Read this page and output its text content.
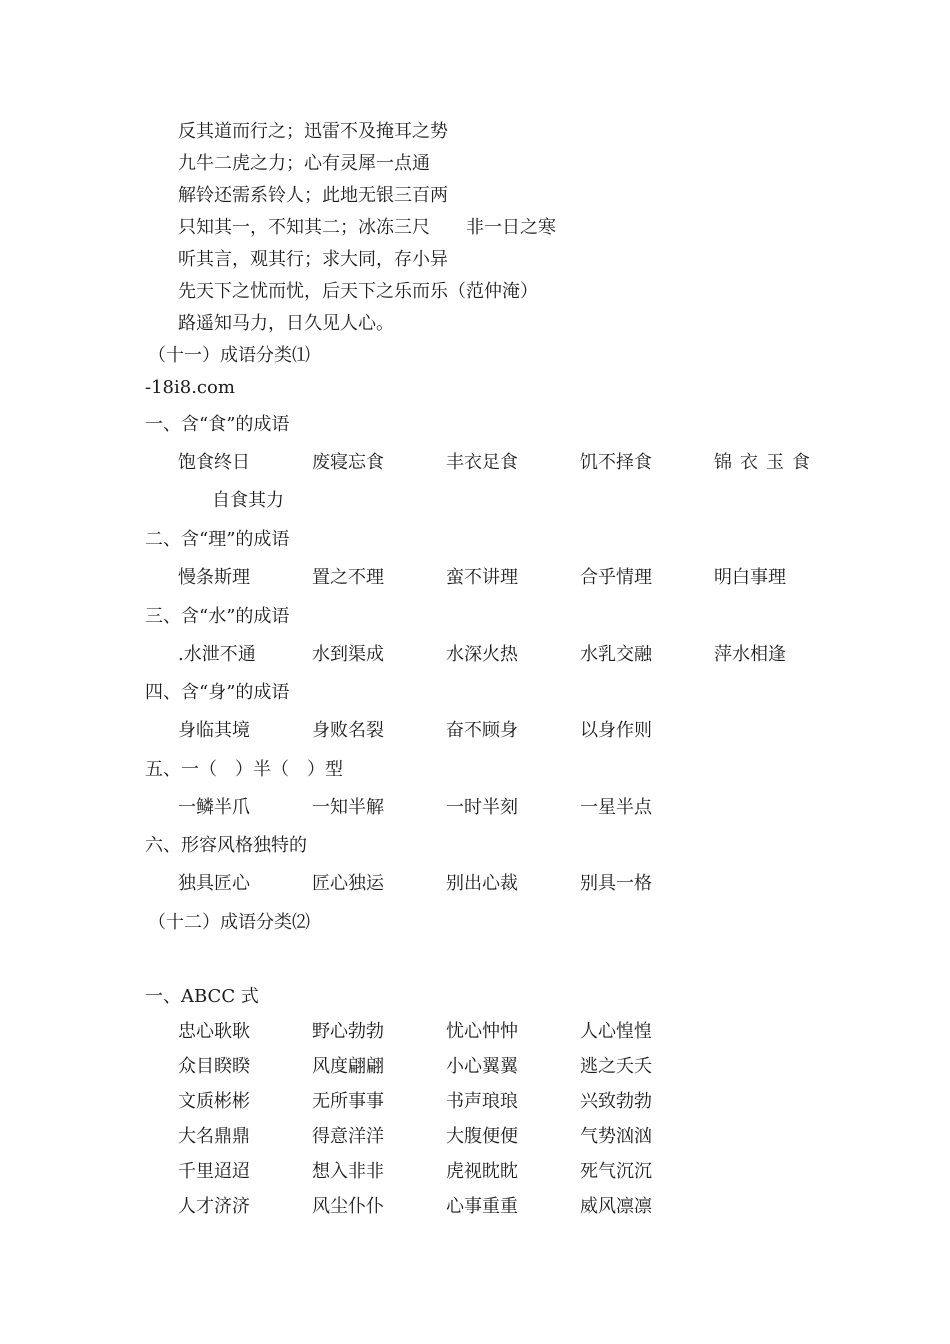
反其道而行之；迅雷不及掩耳之势
九牛二虎之力；心有灵犀一点通
解铃还需系铃人；此地无银三百两
只知其一，不知其二；冰冻三尺　　非一日之寒
听其言，观其行；求大同，存小异
先天下之忧而忧，后天下之乐而乐（范仲淹）
路遥知马力，日久见人心。
（十一）成语分类⑴
-18i8.com
一、含“食”的成语
饱食终日	废寝忘食	丰衣足食	饥不择食	锦衣玉食
自食其力
二、含“理”的成语
慢条斯理	置之不理	蛮不讲理	合乎情理	明白事理
三、含“水”的成语
.水泄不通	水到渠成	水深火热	水乳交融	萍水相逢
四、含“身”的成语
身临其境	身败名裂	奋不顾身	以身作则
五、一（　）半（　）型
一鳞半爪	一知半解	一时半刻	一星半点
六、形容风格独特的
独具匠心	匠心独运	别出心裁	别具一格
（十二）成语分类⑵
一、ABCC 式
忠心耿耿	野心勃勃	忧心忡忡	人心惶惶
众目睽睽	风度翩翩	小心翼翼	逃之夭夭
文质彬彬	无所事事	书声琅琅	兴致勃勃
大名鼎鼎	得意洋洋	大腹便便	气势汹汹
千里迢迢	想入非非	虎视眈眈	死气沉沉
人才济济	风尘仆仆	心事重重	威风凛凛
